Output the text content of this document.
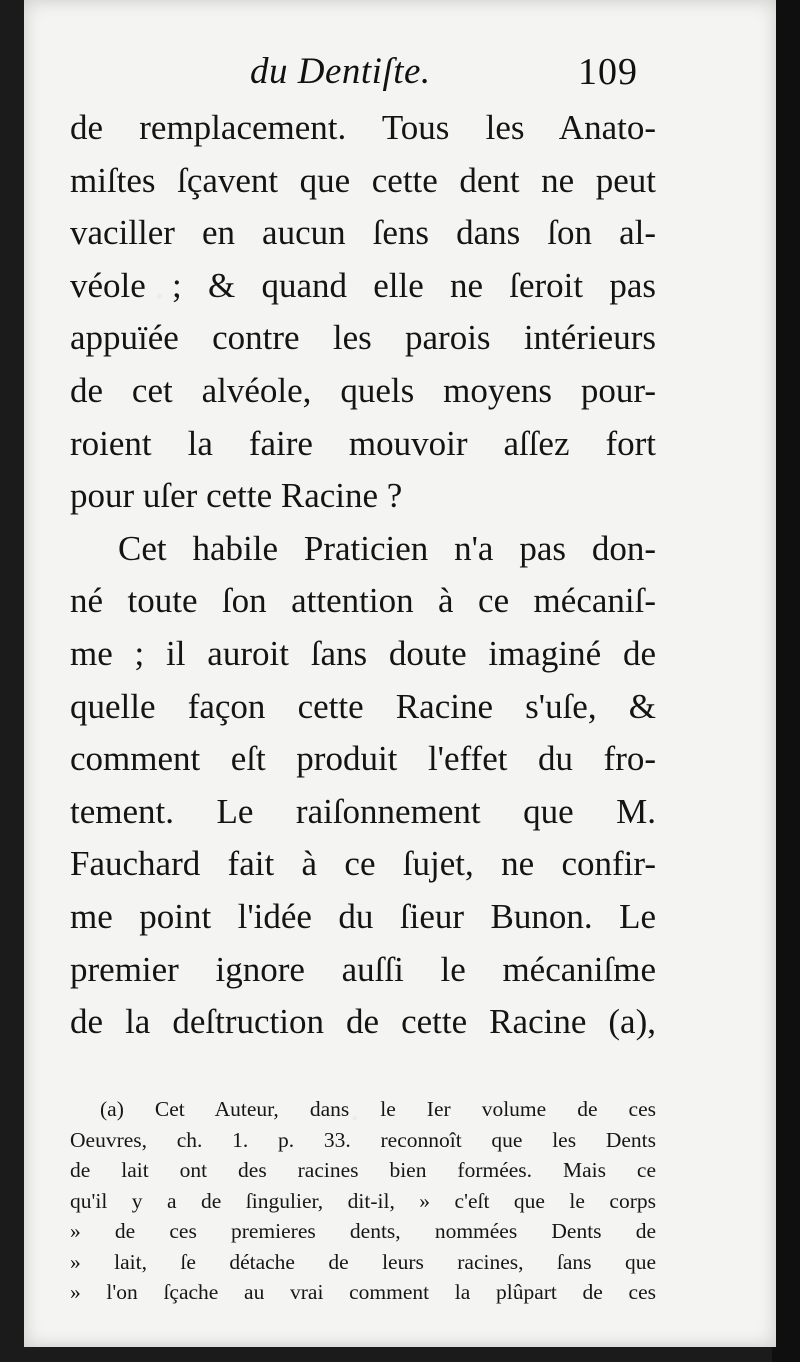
du Dentiſte.	109
de remplacement. Tous les Anato-
miſtes ſçavent que cette dent ne peut
vaciller en aucun ſens dans ſon al-
véole ; & quand elle ne ſeroit pas
appuïée contre les parois intérieurs
de cet alvéole, quels moyens pour-
roient la faire mouvoir aſſez fort
pour uſer cette Racine ?
Cet habile Praticien n'a pas don-
né toute ſon attention à ce mécaniſ-
me ; il auroit ſans doute imaginé de
quelle façon cette Racine s'uſe, &
comment eſt produit l'effet du fro-
tement. Le raiſonnement que M.
Fauchard fait à ce ſujet, ne confir-
me point l'idée du ſieur Bunon. Le
premier ignore auſſi le mécaniſme
de la deſtruction de cette Racine (a),
(a) Cet Auteur, dans le Ier volume de ces
Oeuvres, ch. 1. p. 33. reconnoît que les Dents
de lait ont des racines bien formées. Mais ce
qu'il y a de ſingulier, dit-il, » c'eſt que le corps
» de ces premieres dents, nommées Dents de
» lait, ſe détache de leurs racines, ſans que
» l'on ſçache au vrai comment la plûpart de ces
